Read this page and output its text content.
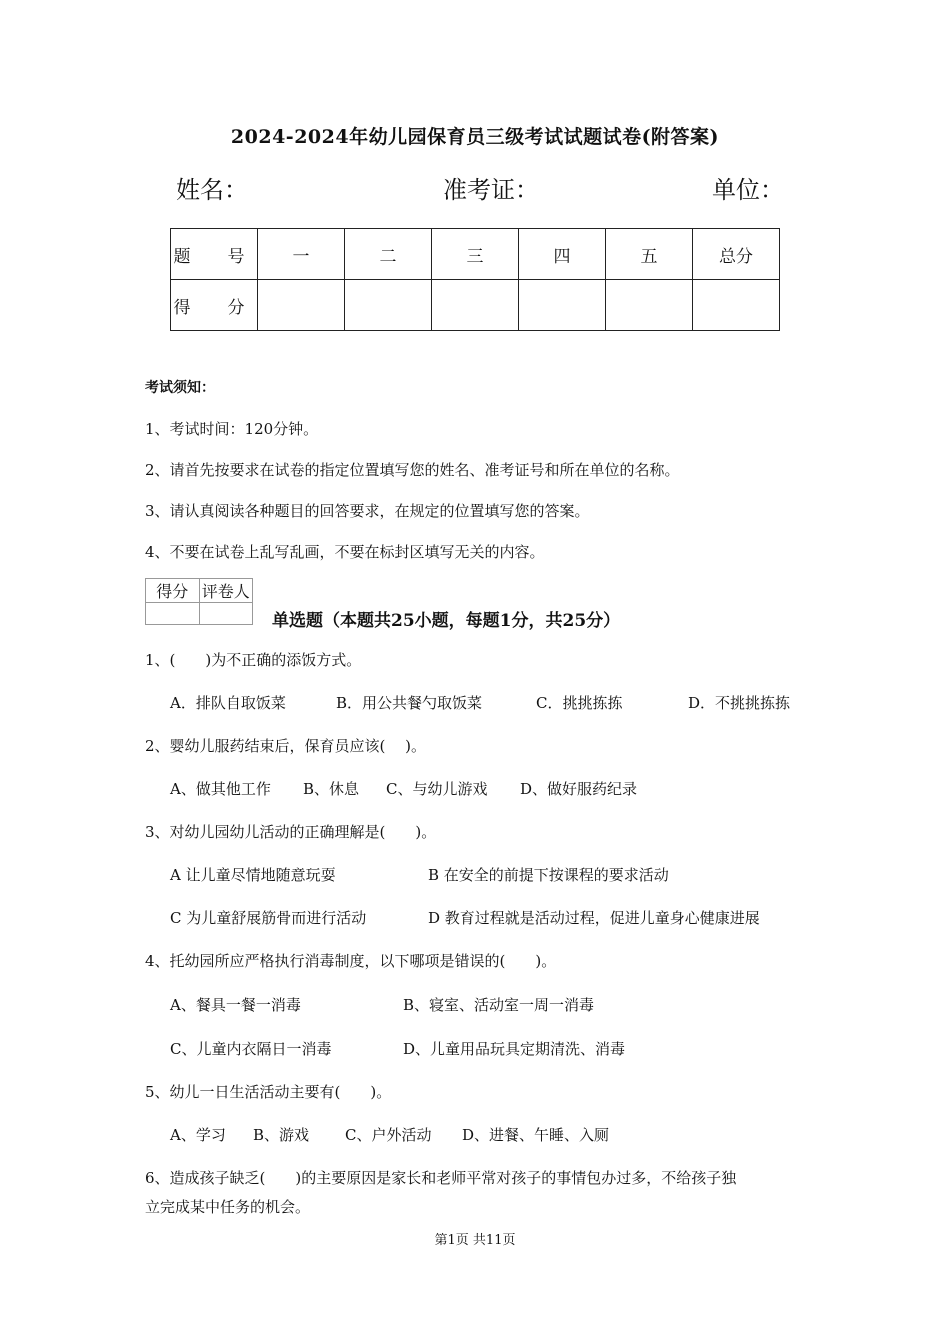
2024-2024年幼儿园保育员三级考试试题试卷(附答案)
姓名：	准考证：	单位：
题　号	一	二	三	四	五	总分
得　分						
考试须知：
1、考试时间：120分钟。
2、请首先按要求在试卷的指定位置填写您的姓名、准考证号和所在单位的名称。
3、请认真阅读各种题目的回答要求，在规定的位置填写您的答案。
4、不要在试卷上乱写乱画，不要在标封区填写无关的内容。
得分	评卷人

单选题（本题共25小题，每题1分，共25分）
1、(　　)为不正确的添饭方式。
A．排队自取饭菜	B．用公共餐勺取饭菜	C．挑挑拣拣	D．不挑挑拣拣
2、婴幼儿服药结束后，保育员应该(　 )。
A、做其他工作 B、休息 C、与幼儿游戏 D、做好服药纪录
3、对幼儿园幼儿活动的正确理解是(　　)。
A 让儿童尽情地随意玩耍	B 在安全的前提下按课程的要求活动
C 为儿童舒展筋骨而进行活动	D 教育过程就是活动过程，促进儿童身心健康进展
4、托幼园所应严格执行消毒制度，以下哪项是错误的(　　)。
A、餐具一餐一消毒	B、寝室、活动室一周一消毒
C、儿童内衣隔日一消毒	D、儿童用品玩具定期清洗、消毒
5、幼儿一日生活活动主要有(　　)。
A、学习 B、游戏 C、户外活动 D、进餐、午睡、入厕
6、造成孩子缺乏(　　)的主要原因是家长和老师平常对孩子的事情包办过多，不给孩子独
立完成某中任务的机会。
第1页 共11页
